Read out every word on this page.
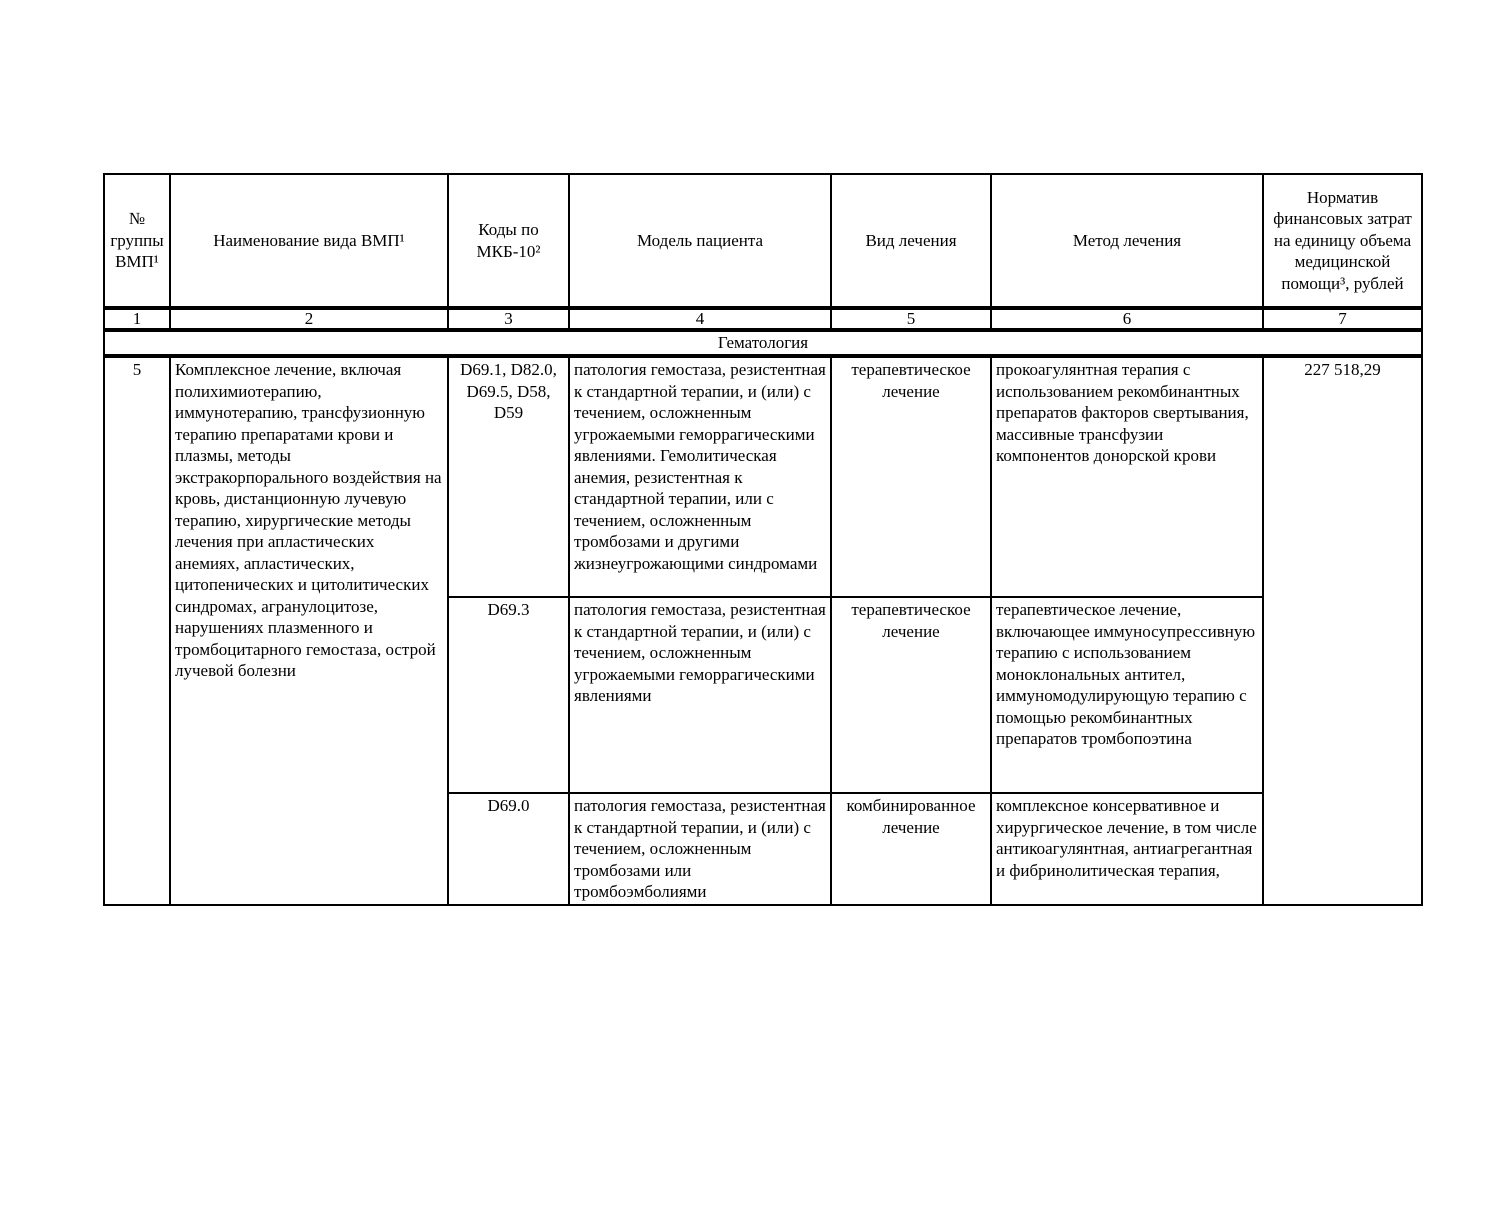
№ группы ВМП¹	Наименование вида ВМП¹	Коды по МКБ-10²	Модель пациента	Вид лечения	Метод лечения	Норматив финансовых затрат на единицу объема медицинской помощи³, рублей
1	2	3	4	5	6	7
Гематология						
5	Комплексное лечение, включая полихимиотерапию, иммунотерапию, трансфузионную терапию препаратами крови и плазмы, методы экстракорпорального воздействия на кровь, дистанционную лучевую терапию, хирургические методы лечения при апластических анемиях, апластических, цитопенических и цитолитических синдромах, агранулоцитозе, нарушениях плазменного и тромбоцитарного гемостаза, острой лучевой болезни	D69.1, D82.0, D69.5, D58, D59	патология гемостаза, резистентная к стандартной терапии, и (или) с течением, осложненным угрожаемыми геморрагическими явлениями. Гемолитическая анемия, резистентная к стандартной терапии, или с течением, осложненным тромбозами и другими жизнеугрожающими синдромами	терапевтическое лечение	прокоагулянтная терапия с использованием рекомбинантных препаратов факторов свертывания, массивные трансфузии компонентов донорской крови	227 518,29
		D69.3	патология гемостаза, резистентная к стандартной терапии, и (или) с течением, осложненным угрожаемыми геморрагическими явлениями	терапевтическое лечение	терапевтическое лечение, включающее иммуносупрессивную терапию с использованием моноклональных антител, иммуномодулирующую терапию с помощью рекомбинантных препаратов тромбопоэтина	
		D69.0	патология гемостаза, резистентная к стандартной терапии, и (или) с течением, осложненным тромбозами или тромбоэмболиями	комбинированное лечение	комплексное консервативное и хирургическое лечение, в том числе антикоагулянтная, антиагрегантная и фибринолитическая терапия,	
